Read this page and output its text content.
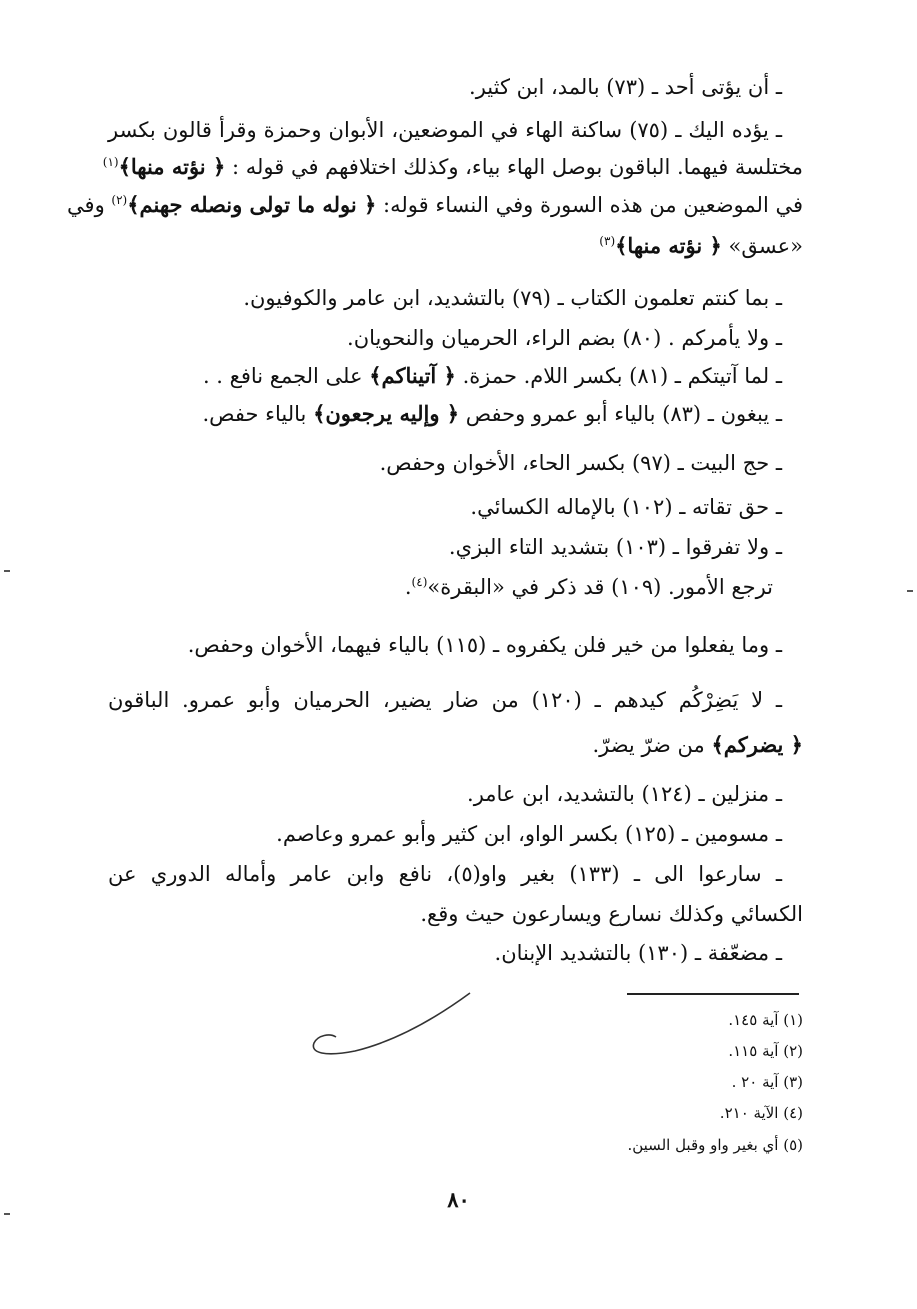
ـ أن يؤتى أحد ـ (٧٣) بالمد، ابن كثير.
ـ يؤده اليك ـ (٧٥) ساكنة الهاء في الموضعين، الأبوان وحمزة وقرأ قالون بكسر
مختلسة فيهما. الباقون بوصل الهاء بياء، وكذلك اختلافهم في قوله : ﴿ نؤته منها﴾$^{(١)}$
في الموضعين من هذه السورة وفي النساء قوله: ﴿ نوله ما تولى ونصله جهنم﴾$^{(٢)}$ وفي
«عسق» ﴿ نؤته منها﴾$^{(٣)}$
ـ بما كنتم تعلمون الكتاب ـ (٧٩) بالتشديد، ابن عامر والكوفيون.
ـ ولا يأمركم . (٨٠) بضم الراء، الحرميان والنحويان.
ـ لما آتيتكم ـ (٨١) بكسر اللام. حمزة. ﴿ آتيناكم﴾ على الجمع نافع . .
ـ يبغون ـ (٨٣) بالياء أبو عمرو وحفص ﴿ وإليه يرجعون﴾ بالياء حفص.
ـ حج البيت ـ (٩٧) بكسر الحاء، الأخوان وحفص.
ـ حق تقاته ـ (١٠٢) بالإماله الكسائي.
ـ ولا تفرقوا ـ (١٠٣) بتشديد التاء البزي.
ترجع الأمور. (١٠٩) قد ذكر في «البقرة»$^{(٤)}$.
ـ وما يفعلوا من خير فلن يكفروه ـ (١١٥) بالياء فيهما، الأخوان وحفص.
ـ لا يَضِرْكُم كيدهم ـ (١٢٠) من ضار يضير، الحرميان وأبو عمرو. الباقون
﴿ يضركم﴾ من ضرّ يضرّ.
ـ منزلين ـ (١٢٤) بالتشديد، ابن عامر.
ـ مسومين ـ (١٢٥) بكسر الواو، ابن كثير وأبو عمرو وعاصم.
ـ سارعوا الى ـ (١٣٣) بغير واو(٥)، نافع وابن عامر وأماله الدوري عن
الكسائي وكذلك نسارع ويسارعون حيث وقع.
ـ مضعّفة ـ (١٣٠) بالتشديد الإبنان.
(١) آية ١٤٥.
(٢) آية ١١٥.
(٣) آية ٢٠ .
(٤) الآية ٢١٠.
(٥) أي بغير واو وقبل السين.
٨٠
